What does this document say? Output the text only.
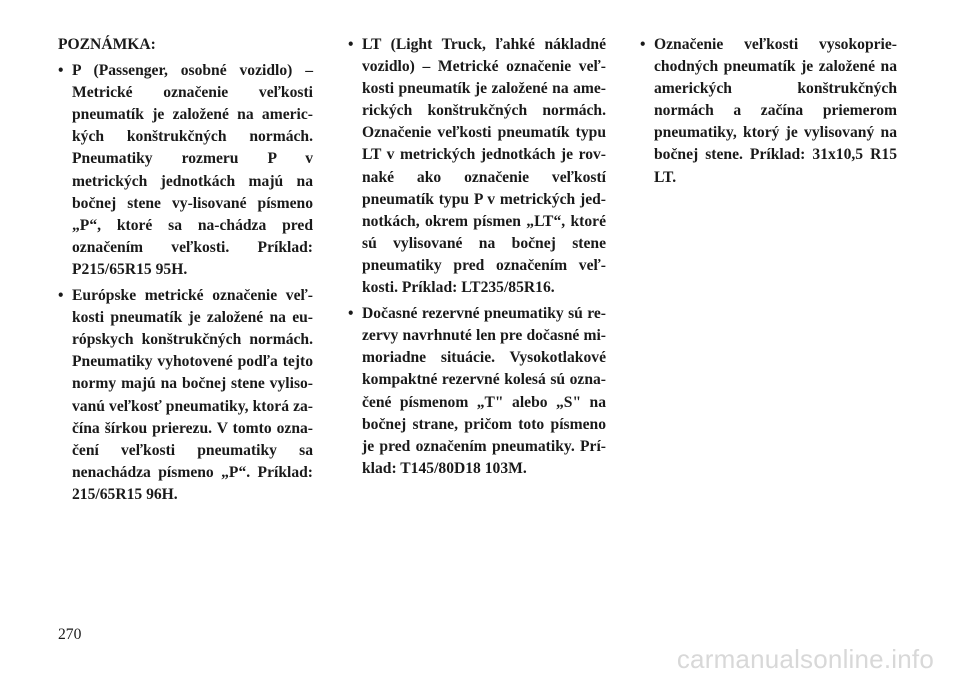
POZNÁMKA:
• P (Passenger, osobné vozidlo) – Metrické označenie veľkosti pneumatík je založené na americ-kých konštrukčných normách. Pneumatiky rozmeru P v metrických jednotkách majú na bočnej stene vy-lisované písmeno „P“, ktoré sa na-chádza pred označením veľkosti. Príklad: P215/65R15 95H.
• Európske metrické označenie veľ-kosti pneumatík je založené na eu-rópskych konštrukčných normách. Pneumatiky vyhotovené podľa tejto normy majú na bočnej stene vyliso-vanú veľkosť pneumatiky, ktorá za-čína šírkou prierezu. V tomto ozna-čení veľkosti pneumatiky sa nenachádza písmeno „P“. Príklad: 215/65R15 96H.
• LT (Light Truck, ľahké nákladné vozidlo) – Metrické označenie veľ-kosti pneumatík je založené na ame-rických konštrukčných normách. Označenie veľkosti pneumatík typu LT v metrických jednotkách je rov-naké ako označenie veľkostí pneumatík typu P v metrických jed-notkách, okrem písmen „LT“, ktoré sú vylisované na bočnej stene pneumatiky pred označením veľ-kosti. Príklad: LT235/85R16.
• Dočasné rezervné pneumatiky sú re-zervy navrhnuté len pre dočasné mi-moriadne situácie. Vysokotlakové kompaktné rezervné kolesá sú ozna-čené písmenom „T" alebo „S" na bočnej strane, pričom toto písmeno je pred označením pneumatiky. Prí-klad: T145/80D18 103M.
• Označenie veľkosti vysokoprie-chodných pneumatík je založené na amerických konštrukčných normách a začína priemerom pneumatiky, ktorý je vylisovaný na bočnej stene. Príklad: 31x10,5 R15 LT.
270
carmanualsonline.info
